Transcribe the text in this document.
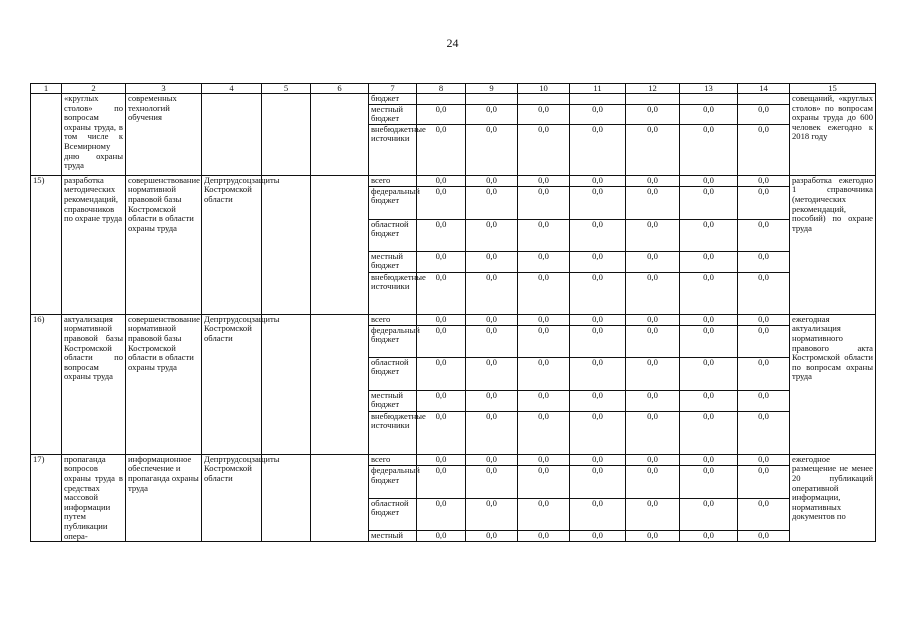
24
1	2	3	4	5	6	7	8	9	10	11	12	13	14	15
	«круглых столов» по вопросам охраны труда, в том числе к Всемирному дню охраны труда	современных технологий обучения				бюджет								совещаний, «круглых столов» по вопросам охраны труда до 600 человек ежегодно к 2018 году
						местный бюджет	0,0	0,0	0,0	0,0	0,0	0,0	0,0	
						внебюджетные источники	0,0	0,0	0,0	0,0	0,0	0,0	0,0	
15)	разработка методических рекомендаций, справочников по охране труда	совершенствование нормативной правовой базы Костромской области в области охраны труда	Депртрудсоцзащиты Костромской области			всего	0,0	0,0	0,0	0,0	0,0	0,0	0,0	разработка ежегодно 1 справочника (методических рекомендаций, пособий) по охране труда
						федеральный бюджет	0,0	0,0	0,0	0,0	0,0	0,0	0,0	
						областной бюджет	0,0	0,0	0,0	0,0	0,0	0,0	0,0	
						местный бюджет	0,0	0,0	0,0	0,0	0,0	0,0	0,0	
						внебюджетные источники	0,0	0,0	0,0	0,0	0,0	0,0	0,0	
16)	актуализация нормативной правовой базы Костромской области по вопросам охраны труда	совершенствование нормативной правовой базы Костромской области в области охраны труда	Депртрудсоцзащиты Костромской области			всего	0,0	0,0	0,0	0,0	0,0	0,0	0,0	ежегодная актуализация нормативного правового акта Костромской области по вопросам охраны труда
						федеральный бюджет	0,0	0,0	0,0	0,0	0,0	0,0	0,0	
						областной бюджет	0,0	0,0	0,0	0,0	0,0	0,0	0,0	
						местный бюджет	0,0	0,0	0,0	0,0	0,0	0,0	0,0	
						внебюджетные источники	0,0	0,0	0,0	0,0	0,0	0,0	0,0	
17)	пропаганда вопросов охраны труда в средствах массовой информации путем публикации опера-	информационное обеспечение и пропаганда охраны труда	Депртрудсоцзащиты Костромской области			всего	0,0	0,0	0,0	0,0	0,0	0,0	0,0	ежегодное размещение не менее 20 публикаций оперативной информации, нормативных документов по
						федеральный бюджет	0,0	0,0	0,0	0,0	0,0	0,0	0,0	
						областной бюджет	0,0	0,0	0,0	0,0	0,0	0,0	0,0	
						местный	0,0	0,0	0,0	0,0	0,0	0,0	0,0	
